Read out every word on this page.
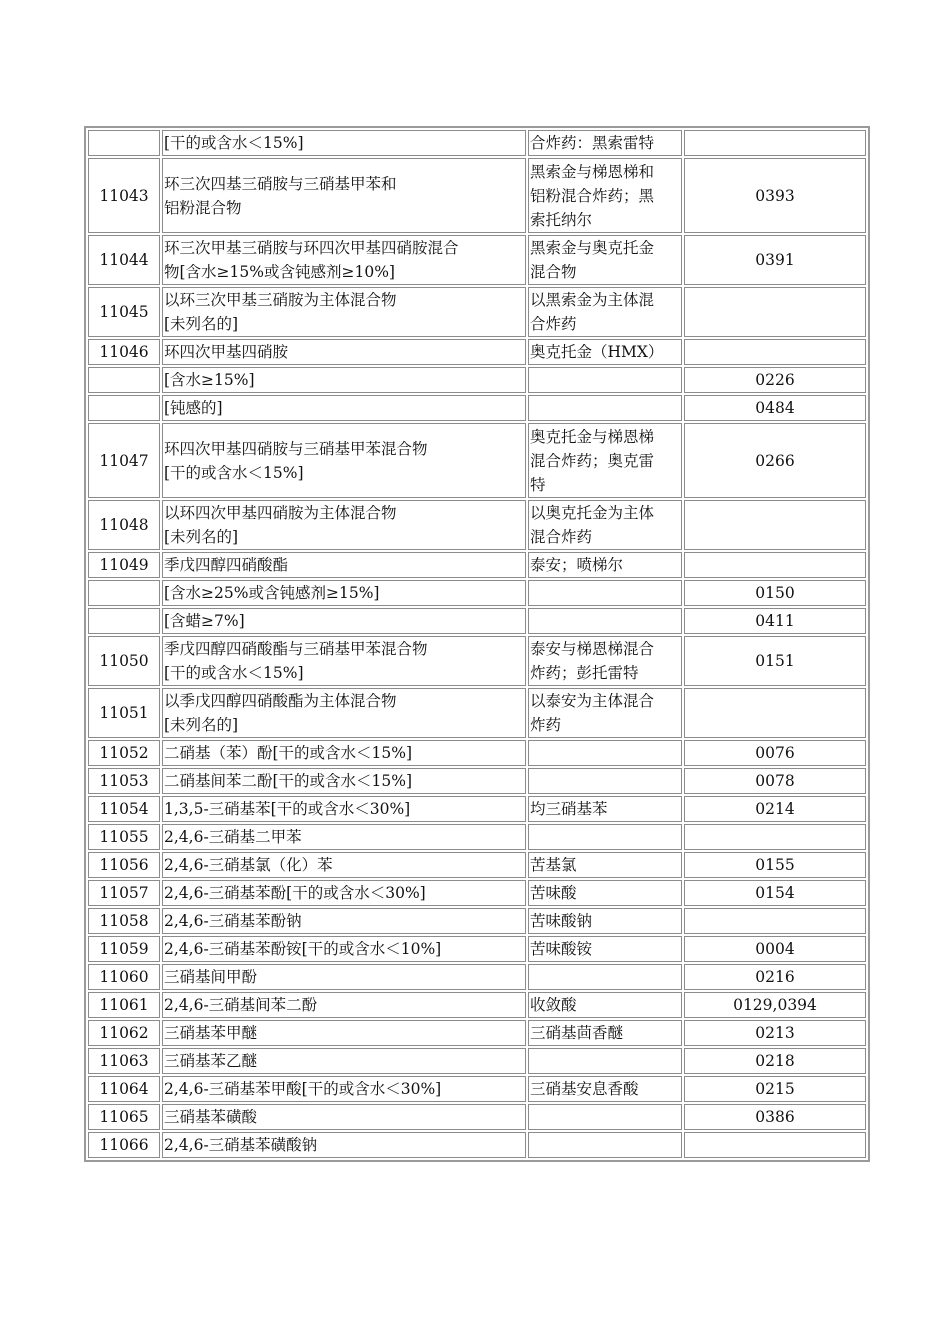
	[干的或含水＜15%]	合炸药：黑索雷特	

11043	环三次四基三硝胺与三硝基甲苯和
铝粉混合物	黑索金与梯恩梯和
铝粉混合炸药；黑
索托纳尔	0393
11044	环三次甲基三硝胺与环四次甲基四硝胺混合
物[含水≥15%或含钝感剂≥10%]	黑索金与奥克托金
混合物	0391
11045	以环三次甲基三硝胺为主体混合物
[未列名的]	以黑索金为主体混
合炸药	

11046	环四次甲基四硝胺	奥克托金（HMX）	

	[含水≥15%]		0226

	[钝感的]		0484
11047	环四次甲基四硝胺与三硝基甲苯混合物
[干的或含水＜15%]	奥克托金与梯恩梯
混合炸药；奥克雷
特	0266
11048	以环四次甲基四硝胺为主体混合物
[未列名的]	以奥克托金为主体
混合炸药	

11049	季戊四醇四硝酸酯	泰安；喷梯尔	

	[含水≥25%或含钝感剂≥15%]		0150

	[含蜡≥7%]		0411
11050	季戊四醇四硝酸酯与三硝基甲苯混合物
[干的或含水＜15%]	泰安与梯恩梯混合
炸药；彭托雷特	0151
11051	以季戊四醇四硝酸酯为主体混合物
[未列名的]	以泰安为主体混合
炸药	

11052	二硝基（苯）酚[干的或含水＜15%]		0076
11053	二硝基间苯二酚[干的或含水＜15%]		0078
11054	1,3,5-三硝基苯[干的或含水＜30%]	均三硝基苯	0214
11055	2,4,6-三硝基二甲苯		

11056	2,4,6-三硝基氯（化）苯	苦基氯	0155
11057	2,4,6-三硝基苯酚[干的或含水＜30%]	苦味酸	0154
11058	2,4,6-三硝基苯酚钠	苦味酸钠	

11059	2,4,6-三硝基苯酚铵[干的或含水＜10%]	苦味酸铵	0004
11060	三硝基间甲酚		0216
11061	2,4,6-三硝基间苯二酚	收敛酸	0129,0394
11062	三硝基苯甲醚	三硝基茴香醚	0213
11063	三硝基苯乙醚		0218
11064	2,4,6-三硝基苯甲酸[干的或含水＜30%]	三硝基安息香酸	0215
11065	三硝基苯磺酸		0386
11066	2,4,6-三硝基苯磺酸钠		
